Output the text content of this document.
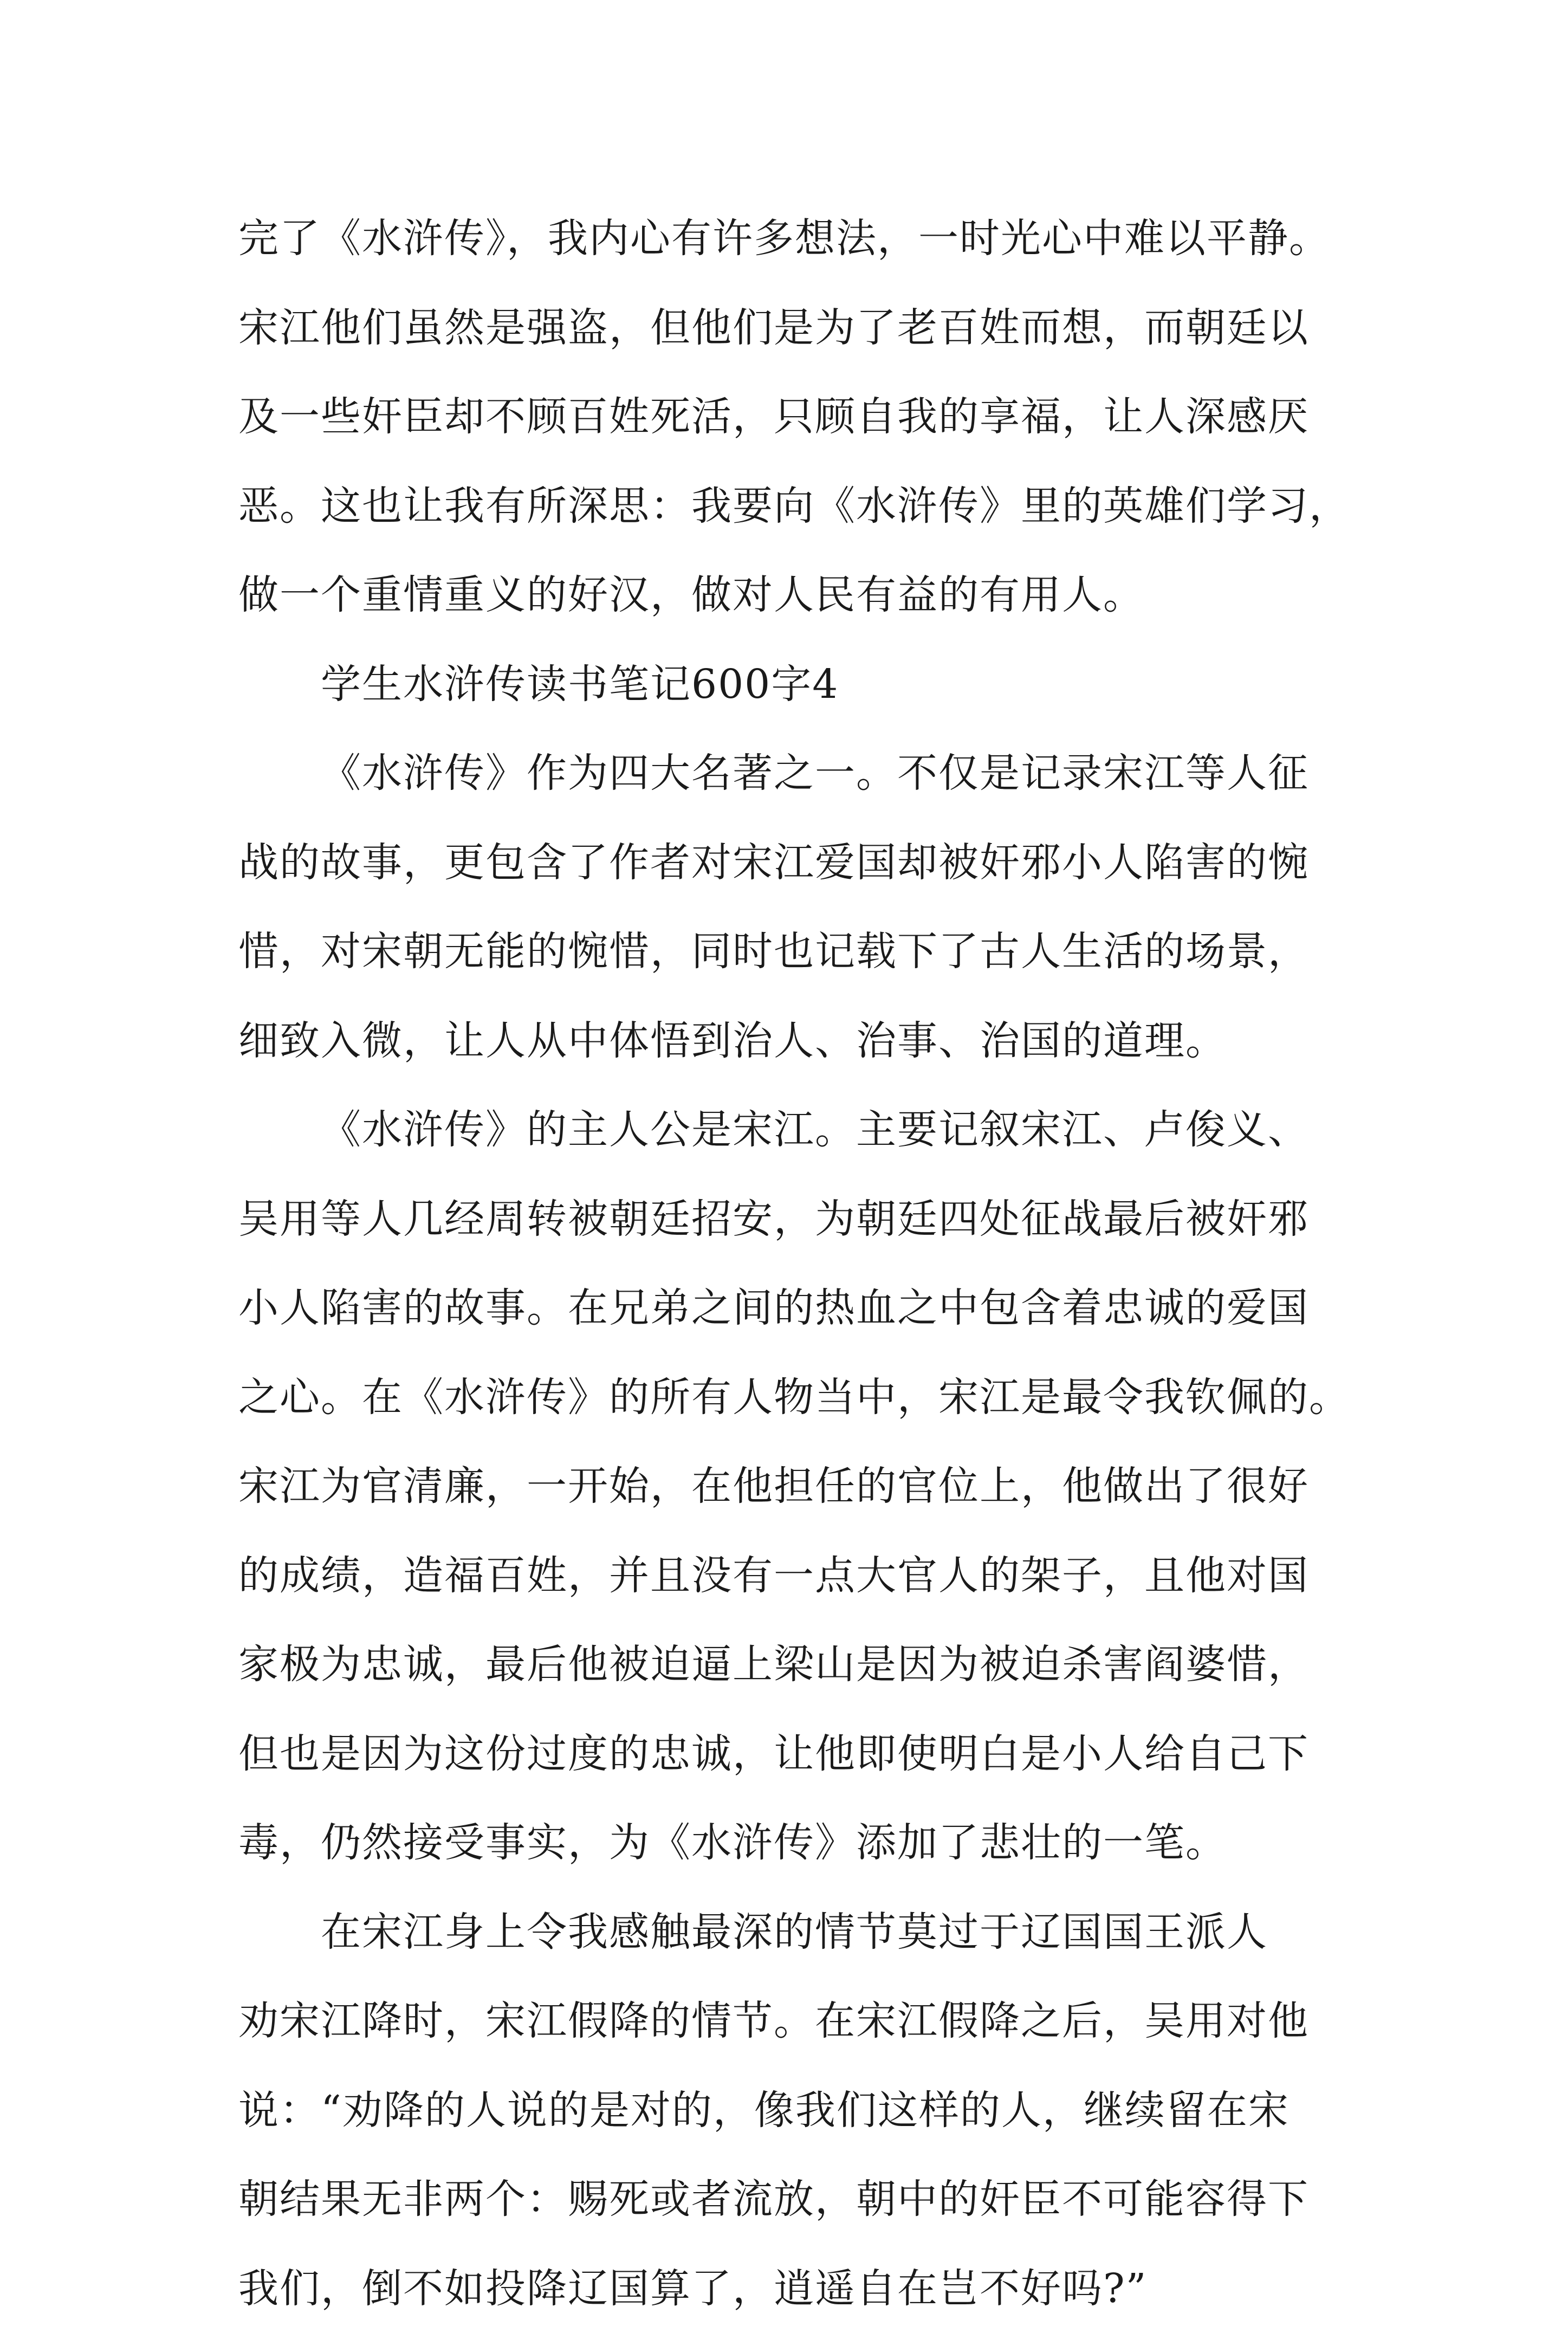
完了《水浒传》，我内心有许多想法，一时光心中难以平静。
宋江他们虽然是强盗，但他们是为了老百姓而想，而朝廷以
及一些奸臣却不顾百姓死活，只顾自我的享福，让人深感厌
恶。这也让我有所深思：我要向《水浒传》里的英雄们学习，
做一个重情重义的好汉，做对人民有益的有用人。
学生水浒传读书笔记600字4
《水浒传》作为四大名著之一。不仅是记录宋江等人征
战的故事，更包含了作者对宋江爱国却被奸邪小人陷害的惋
惜，对宋朝无能的惋惜，同时也记载下了古人生活的场景，
细致入微，让人从中体悟到治人、治事、治国的道理。
《水浒传》的主人公是宋江。主要记叙宋江、卢俊义、
吴用等人几经周转被朝廷招安，为朝廷四处征战最后被奸邪
小人陷害的故事。在兄弟之间的热血之中包含着忠诚的爱国
之心。在《水浒传》的所有人物当中，宋江是最令我钦佩的。
宋江为官清廉，一开始，在他担任的官位上，他做出了很好
的成绩，造福百姓，并且没有一点大官人的架子，且他对国
家极为忠诚，最后他被迫逼上梁山是因为被迫杀害阎婆惜，
但也是因为这份过度的忠诚，让他即使明白是小人给自己下
毒，仍然接受事实，为《水浒传》添加了悲壮的一笔。
在宋江身上令我感触最深的情节莫过于辽国国王派人
劝宋江降时，宋江假降的情节。在宋江假降之后，吴用对他
说：“劝降的人说的是对的，像我们这样的人，继续留在宋
朝结果无非两个：赐死或者流放，朝中的奸臣不可能容得下
我们，倒不如投降辽国算了，逍遥自在岂不好吗?”
